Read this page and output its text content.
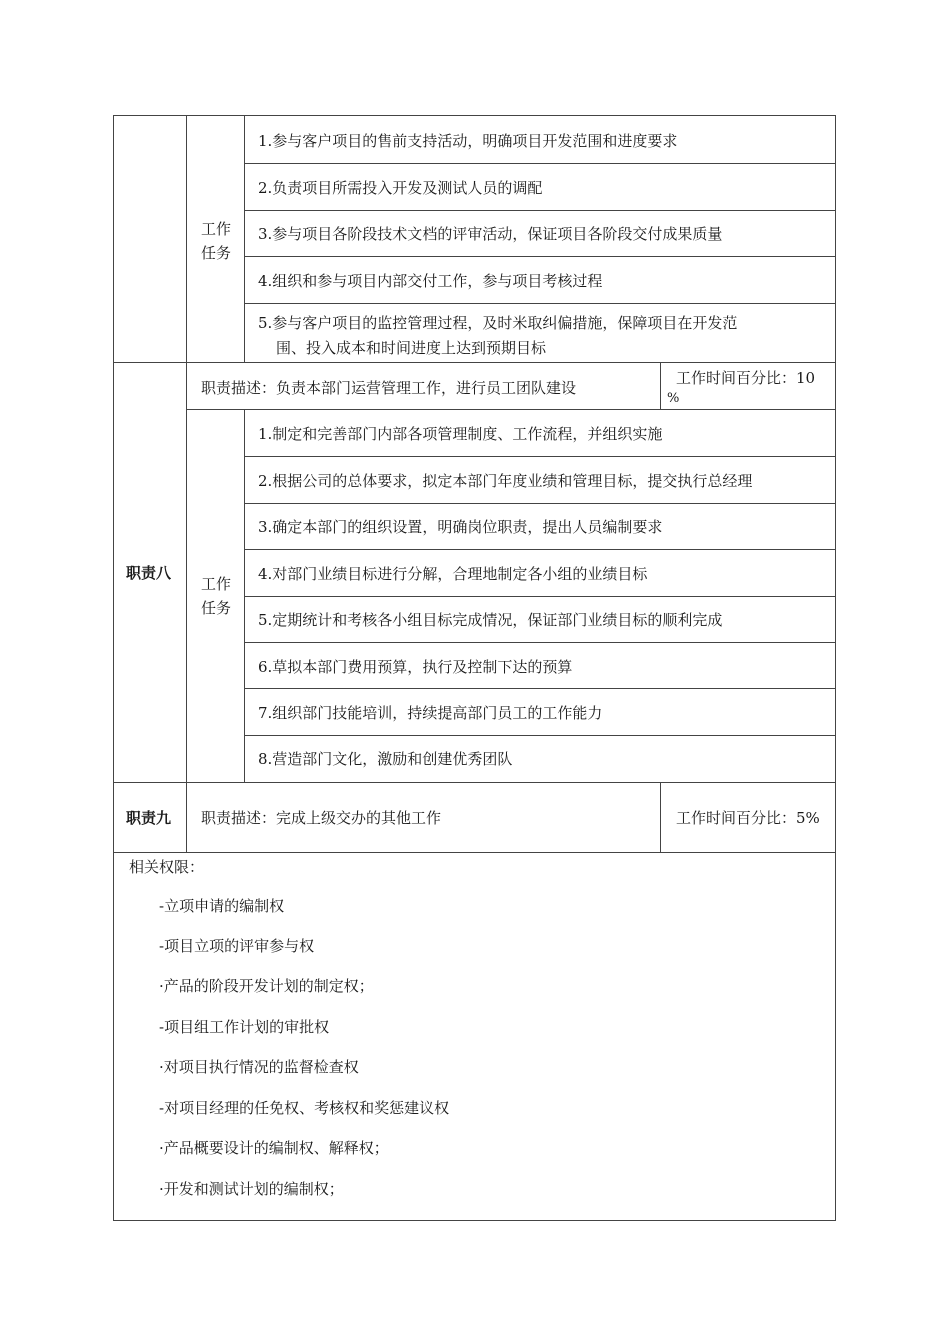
工作
任务
1.参与客户项目的售前支持活动，明确项目开发范围和进度要求
2.负责项目所需投入开发及测试人员的调配
3.参与项目各阶段技术文档的评审活动，保证项目各阶段交付成果质量
4.组织和参与项目内部交付工作，参与项目考核过程
5.参与客户项目的监控管理过程，及时米取纠偏措施，保障项目在开发范
围、投入成本和时间进度上达到预期目标
职责八
职责描述：负责本部门运营管理工作，进行员工团队建设
工作时间百分比：10
%
工作
任务
1.制定和完善部门内部各项管理制度、工作流程，并组织实施
2.根据公司的总体要求，拟定本部门年度业绩和管理目标，提交执行总经理
3.确定本部门的组织设置，明确岗位职责，提出人员编制要求
4.对部门业绩目标进行分解，合理地制定各小组的业绩目标
5.定期统计和考核各小组目标完成情况，保证部门业绩目标的顺利完成
6.草拟本部门费用预算，执行及控制下达的预算
7.组织部门技能培训，持续提高部门员工的工作能力
8.营造部门文化，激励和创建优秀团队
职责九 职责描述：完成上级交办的其他工作	工作时间百分比：5%
相关权限：
-立项申请的编制权
-项目立项的评审参与权
·产品的阶段开发计划的制定权；
-项目组工作计划的审批权
·对项目执行情况的监督检查权
-对项目经理的任免权、考核权和奖惩建议权
·产品概要设计的编制权、解释权；
·开发和测试计划的编制权；
